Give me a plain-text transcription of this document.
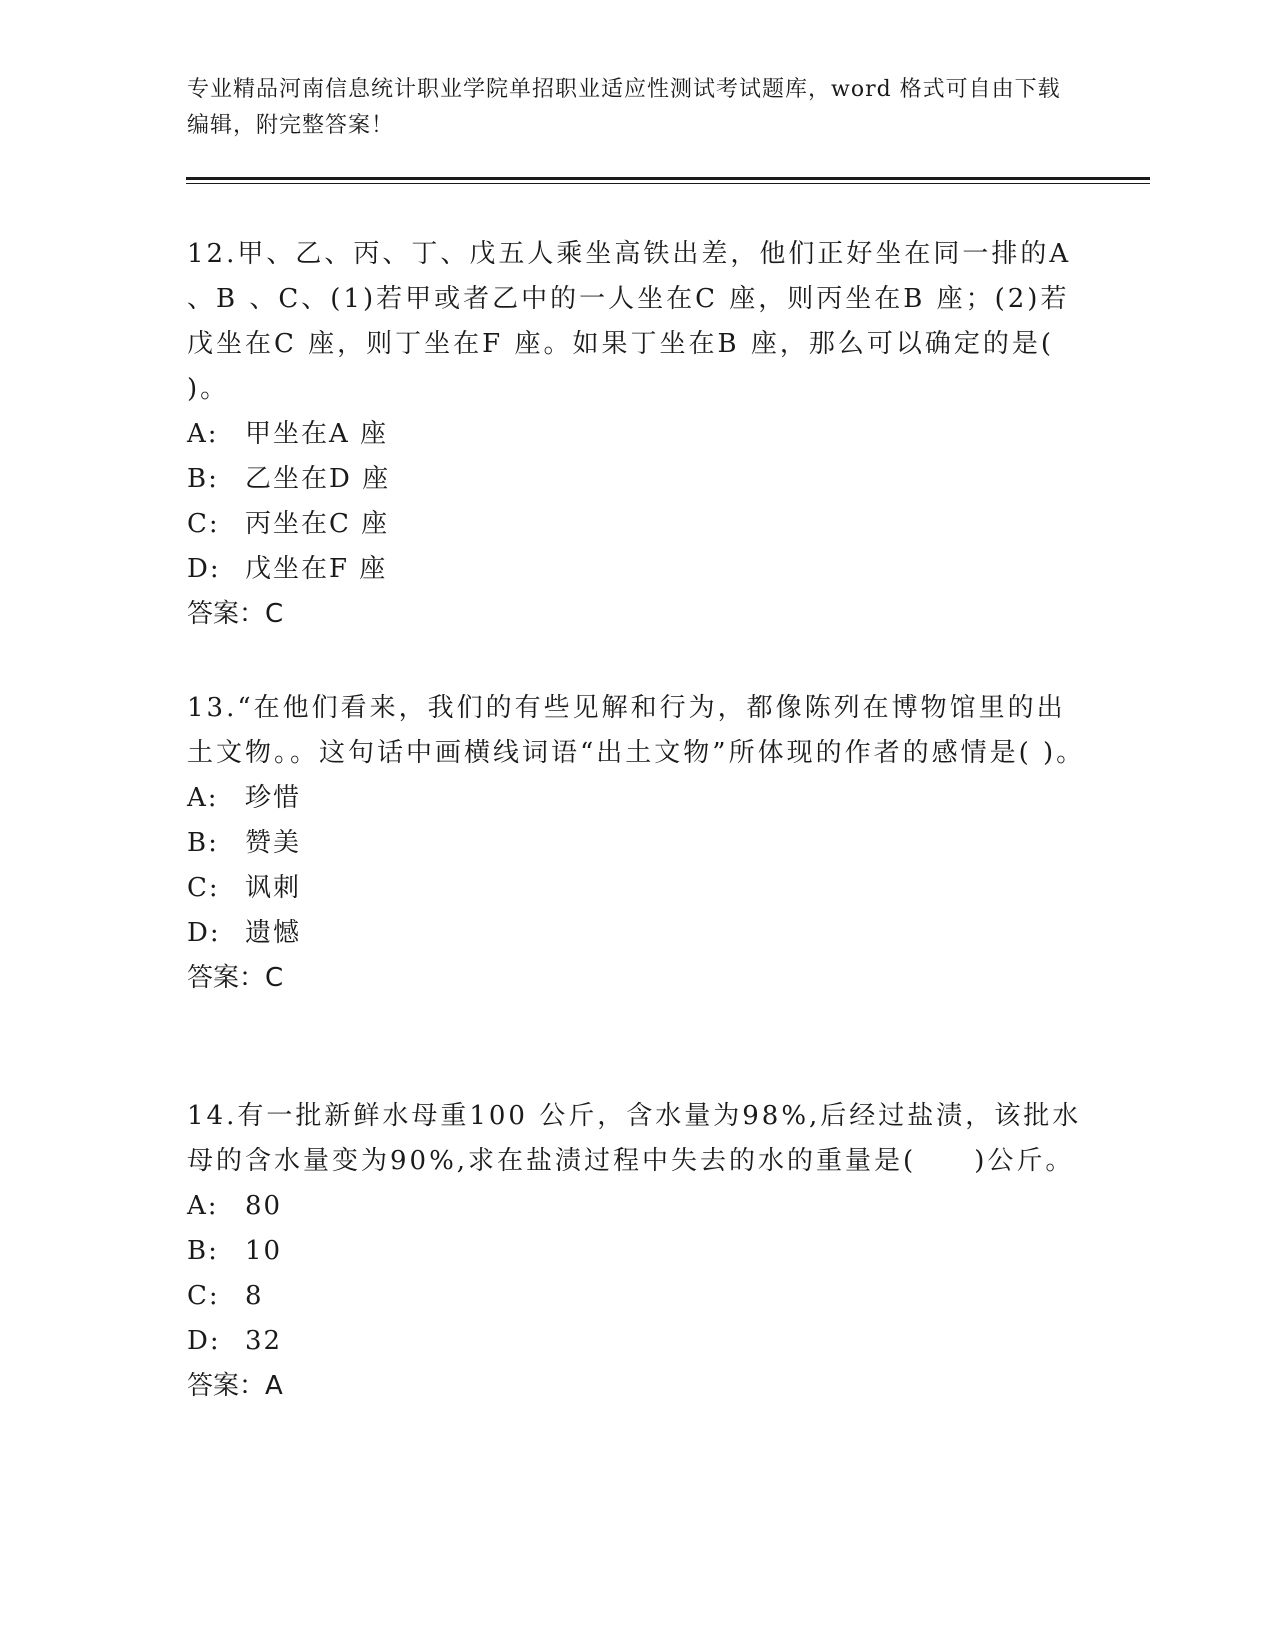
专业精品河南信息统计职业学院单招职业适应性测试考试题库，word 格式可自由下载编辑，附完整答案！

12.甲、乙、丙、丁、戊五人乘坐高铁出差，他们正好坐在同一排的A 、B 、C、(1)若甲或者乙中的一人坐在C 座，则丙坐在B 座；(2)若戊坐在C 座，则丁坐在F 座。如果丁坐在B 座，那么可以确定的是( )。

A:	甲坐在A 座
B:	乙坐在D 座
C: 丙坐在C 座
D: 戊坐在F 座
答案：C

13.“在他们看来，我们的有些见解和行为，都像陈列在博物馆里的出土文物。。这句话中画横线词语“出土文物”所体现的作者的感情是( )。

A:	珍惜
B:	赞美
C: 讽刺
D: 遗憾
答案：C

14.有一批新鲜水母重100 公斤，含水量为98%,后经过盐渍，该批水母的含水量变为90%,求在盐渍过程中失去的水的重量是(　　)公斤。

A:	80
B:	10
C: 8
D: 32
答案：A
